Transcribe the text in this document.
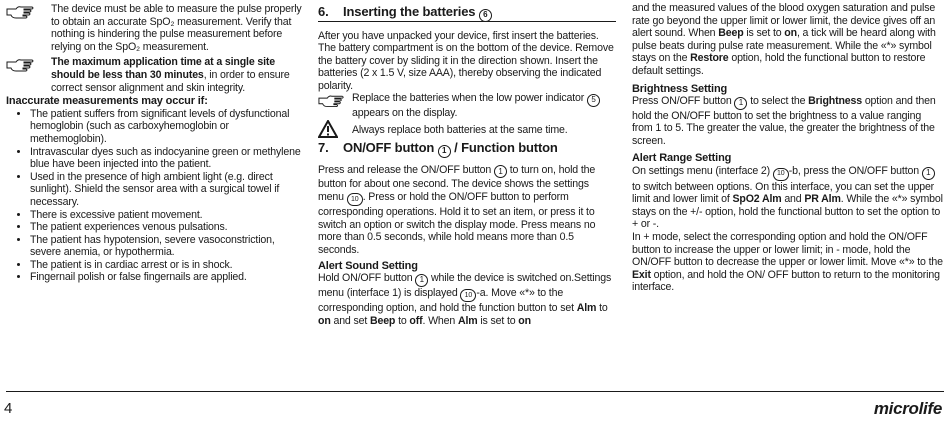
The device must be able to measure the pulse properly to obtain an accurate SpO₂ measurement. Verify that nothing is hindering the pulse measurement before relying on the SpO₂ measurement.

The maximum application time at a single site should be less than 30 minutes, in order to ensure correct sensor alignment and skin integrity.

Inaccurate measurements may occur if:

• The patient suffers from significant levels of dysfunctional hemoglobin (such as carboxyhemoglobin or methemoglobin).
• Intravascular dyes such as indocyanine green or methylene blue have been injected into the patient.
• Used in the presence of high ambient light (e.g. direct sunlight). Shield the sensor area with a surgical towel if necessary.
• There is excessive patient movement.
• The patient experiences venous pulsations.
• The patient has hypotension, severe vasoconstriction, severe anemia, or hypothermia.
• The patient is in cardiac arrest or is in shock.
• Fingernail polish or false fingernails are applied.
6. Inserting the batteries 6

After you have unpacked your device, first insert the batteries. The battery compartment is on the bottom of the device. Remove the battery cover by sliding it in the direction shown. Insert the batteries (2 x 1.5 V, size AAA), thereby observing the indicated polarity.

Replace the batteries when the low power indicator 5 appears on the display.

Always replace both batteries at the same time.

7. ON/OFF button 1 / Function button

Press and release the ON/OFF button 1 to turn on, hold the button for about one second. The device shows the settings menu 10 . Press or hold the ON/OFF button to perform corresponding operations. Hold it to set an item, or press it to switch an option or switch the display mode. Press means no more than 0.5 seconds, while hold means more than 0.5 seconds.

Alert Sound Setting

Hold ON/OFF button 1 while the device is switched on.Settings menu (interface 1) is displayed 10 -a. Move «*» to the corresponding option, and hold the function button to set Alm to on and set Beep to off. When Alm is set to on

and the measured values of the blood oxygen saturation and pulse rate go beyond the upper limit or lower limit, the device gives off an alert sound. When Beep is set to on, a tick will be heard along with pulse beats during pulse rate measurement. While the «*» symbol stays on the Restore option, hold the functional button to restore default settings.

Brightness Setting

Press ON/OFF button 1 to select the Brightness option and then hold the ON/OFF button to set the brightness to a value ranging from 1 to 5. The greater the value, the greater the brightness of the screen.

Alert Range Setting

On settings menu (interface 2) 10 -b, press the ON/OFF button 1 to switch between options. On this interface, you can set the upper limit and lower limit of SpO2 Alm and PR Alm. While the «*» symbol stays on the +/- option, hold the functional button to set the option to + or -.

In + mode, select the corresponding option and hold the ON/OFF button to increase the upper or lower limit; in - mode, hold the ON/OFF button to decrease the upper or lower limit. Move «*» to the Exit option, and hold the ON/ OFF button to return to the monitoring interface.

4	microlife
